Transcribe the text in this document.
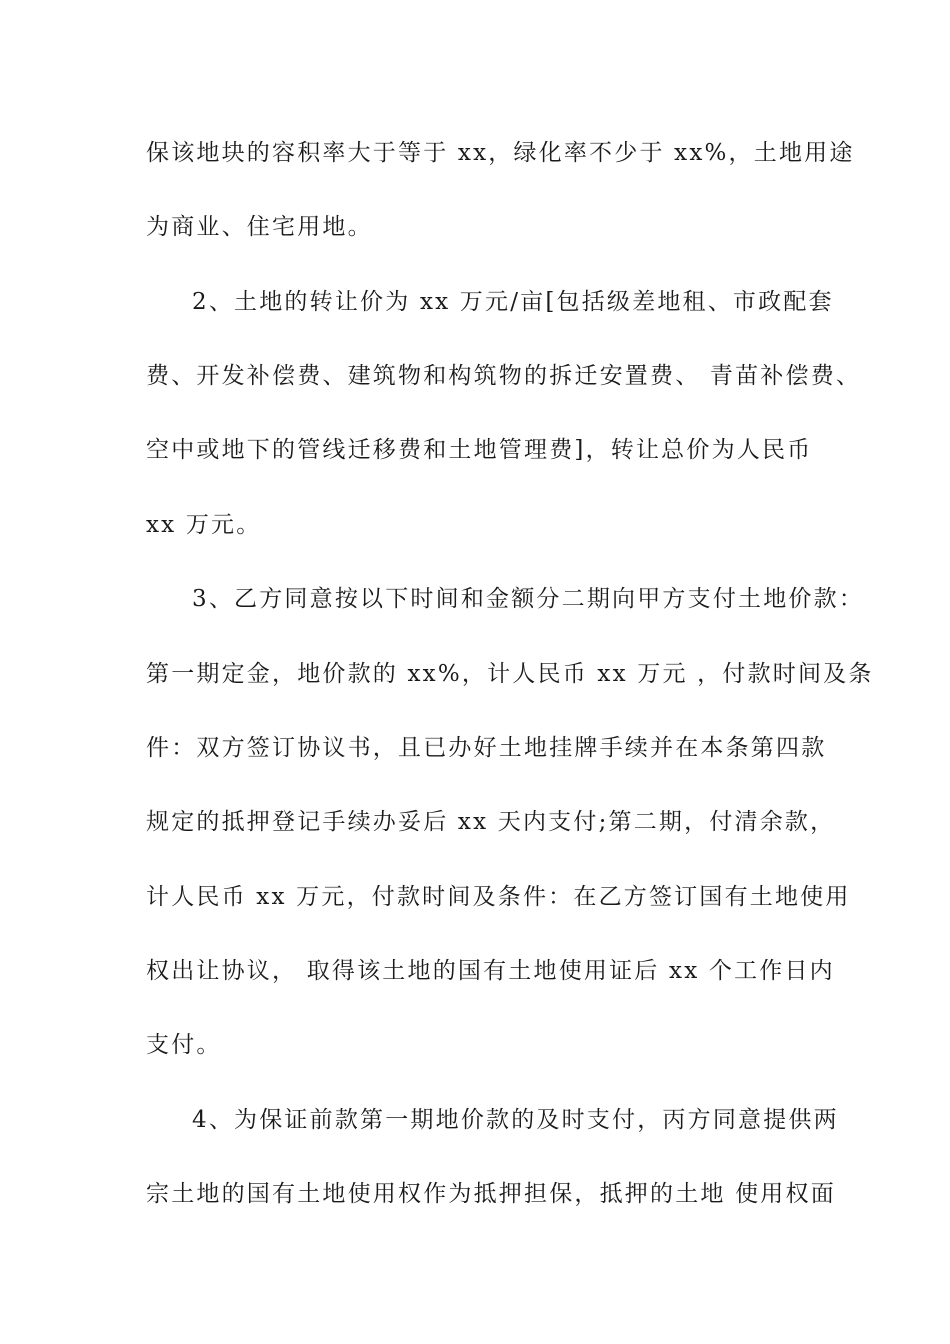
保该地块的容积率大于等于 xx，绿化率不少于 xx%，土地用途
为商业、住宅用地。
2、土地的转让价为 xx 万元/亩[包括级差地租、市政配套
费、开发补偿费、建筑物和构筑物的拆迁安置费、 青苗补偿费、
空中或地下的管线迁移费和土地管理费]，转让总价为人民币
xx 万元。
3、乙方同意按以下时间和金额分二期向甲方支付土地价款：
第一期定金，地价款的 xx%，计人民币 xx 万元 ，付款时间及条
件：双方签订协议书，且已办好土地挂牌手续并在本条第四款
规定的抵押登记手续办妥后 xx 天内支付;第二期，付清余款，
计人民币 xx 万元，付款时间及条件：在乙方签订国有土地使用
权出让协议， 取得该土地的国有土地使用证后 xx 个工作日内
支付。
4、为保证前款第一期地价款的及时支付，丙方同意提供两
宗土地的国有土地使用权作为抵押担保，抵押的土地 使用权面
